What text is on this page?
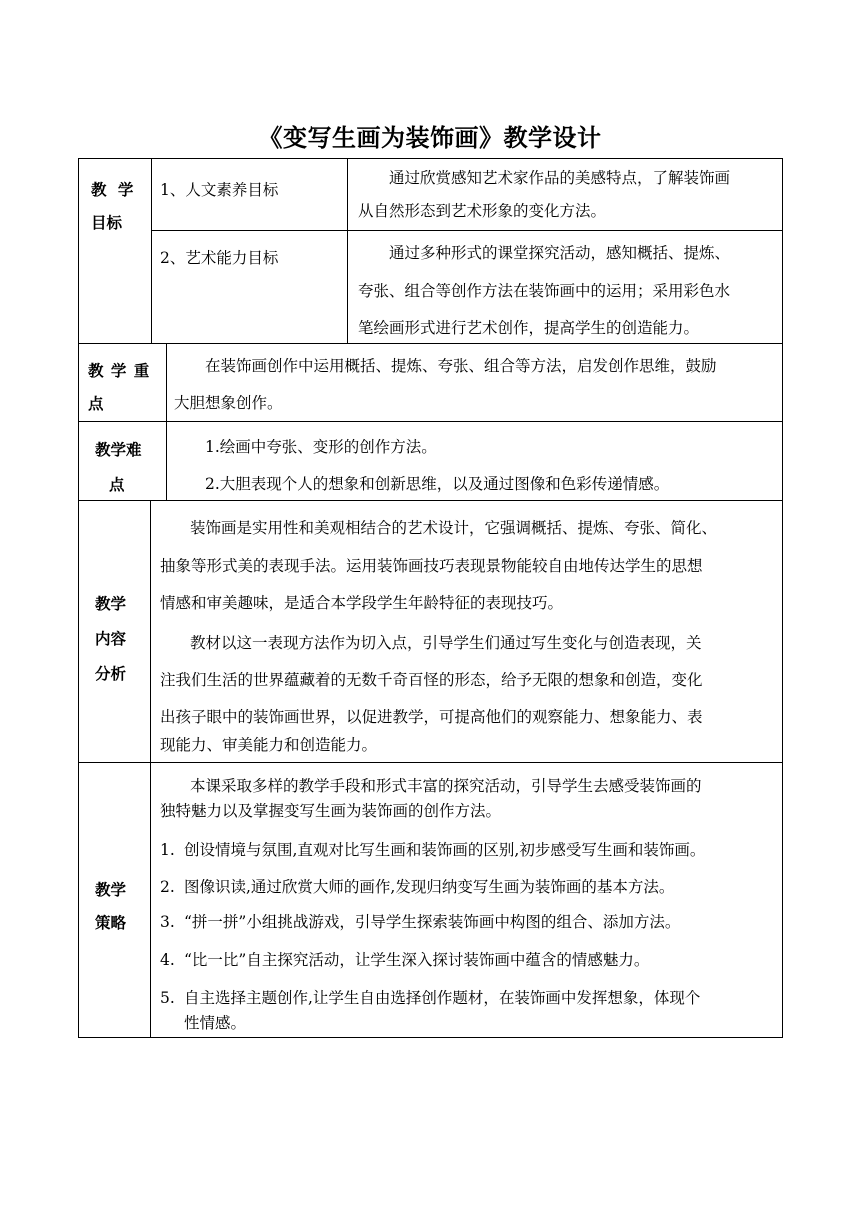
《变写生画为装饰画》教学设计
教 学
目标
1、人文素养目标
通过欣赏感知艺术家作品的美感特点，了解装饰画
从自然形态到艺术形象的变化方法。
2、艺术能力目标	通过多种形式的课堂探究活动，感知概括、提炼、
夸张、组合等创作方法在装饰画中的运用；采用彩色水
笔绘画形式进行艺术创作，提高学生的创造能力。
教 学 重
点
在装饰画创作中运用概括、提炼、夸张、组合等方法，启发创作思维，鼓励
大胆想象创作。
教学难
点
1.绘画中夸张、变形的创作方法。
2.大胆表现个人的想象和创新思维，以及通过图像和色彩传递情感。
教学
内容
分析
装饰画是实用性和美观相结合的艺术设计，它强调概括、提炼、夸张、简化、
抽象等形式美的表现手法。运用装饰画技巧表现景物能较自由地传达学生的思想
情感和审美趣味，是适合本学段学生年龄特征的表现技巧。
教材以这一表现方法作为切入点，引导学生们通过写生变化与创造表现，关
注我们生活的世界蕴藏着的无数千奇百怪的形态，给予无限的想象和创造，变化
出孩子眼中的装饰画世界，以促进教学，可提高他们的观察能力、想象能力、表
现能力、审美能力和创造能力。
教学
策略
本课采取多样的教学手段和形式丰富的探究活动，引导学生去感受装饰画的
独特魅力以及掌握变写生画为装饰画的创作方法。
1. 创设情境与氛围,直观对比写生画和装饰画的区别,初步感受写生画和装饰画。
2. 图像识读,通过欣赏大师的画作,发现归纳变写生画为装饰画的基本方法。
3. “拼一拼”小组挑战游戏，引导学生探索装饰画中构图的组合、添加方法。
4. “比一比”自主探究活动，让学生深入探讨装饰画中蕴含的情感魅力。
5. 自主选择主题创作,让学生自由选择创作题材，在装饰画中发挥想象，体现个
性情感。
